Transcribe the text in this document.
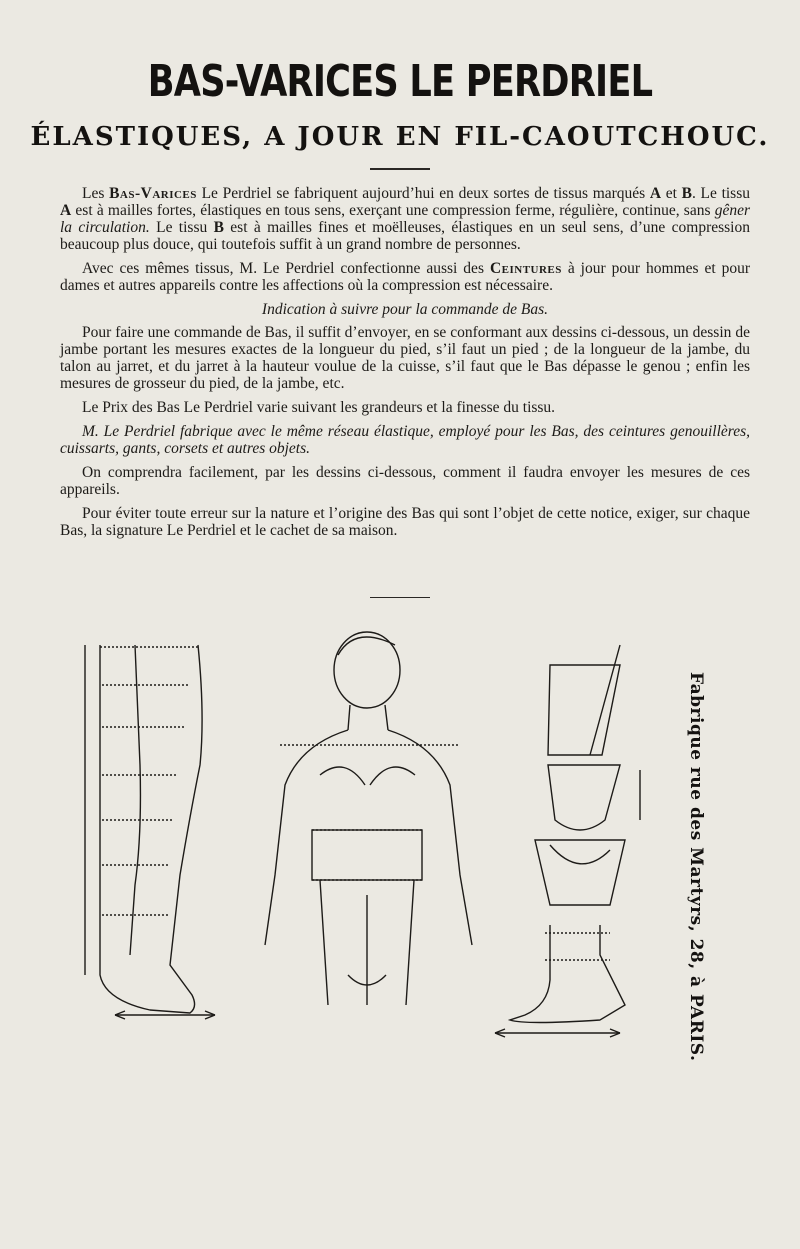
BAS-VARICES LE PERDRIEL
ÉLASTIQUES, A JOUR EN FIL-CAOUTCHOUC.

Les Bas-Varices Le Perdriel se fabriquent aujourd’hui en deux sortes de tissus marqués A et B. Le tissu A est à mailles fortes, élastiques en tous sens, exerçant une compression ferme, régulière, continue, sans gêner la circulation. Le tissu B est à mailles fines et moëlleuses, élastiques en un seul sens, d’une compression beaucoup plus douce, qui toutefois suffit à un grand nombre de personnes.

Avec ces mêmes tissus, M. Le Perdriel confectionne aussi des Ceintures à jour pour hommes et pour dames et autres appareils contre les affections où la compression est nécessaire.

Indication à suivre pour la commande de Bas.

Pour faire une commande de Bas, il suffit d’envoyer, en se conformant aux dessins ci-dessous, un dessin de jambe portant les mesures exactes de la longueur du pied, s’il faut un pied ; de la longueur de la jambe, du talon au jarret, et du jarret à la hauteur voulue de la cuisse, s’il faut que le Bas dépasse le genou ; enfin les mesures de grosseur du pied, de la jambe, etc.

Le Prix des Bas Le Perdriel varie suivant les grandeurs et la finesse du tissu.

M. Le Perdriel fabrique avec le même réseau élastique, employé pour les Bas, des ceintures genouillères, cuissarts, gants, corsets et autres objets.

On comprendra facilement, par les dessins ci-dessous, comment il faudra envoyer les mesures de ces appareils.

Pour éviter toute erreur sur la nature et l’origine des Bas qui sont l’objet de cette notice, exiger, sur chaque Bas, la signature Le Perdriel et le cachet de sa maison.

Fabrique rue des Martyrs, 28, à PARIS.
